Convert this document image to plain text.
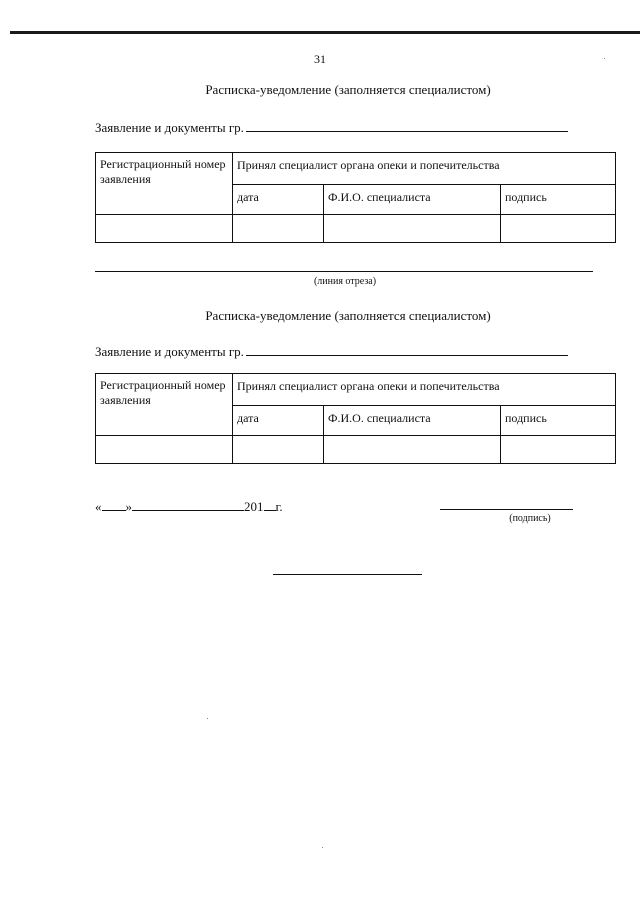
31
Расписка-уведомление (заполняется специалистом)
Заявление и документы гр.
Регистрационный номер заявления	Принял специалист органа опеки и попечительства		
	дата	Ф.И.О. специалиста	подпись

(линия отреза)
Расписка-уведомление (заполняется специалистом)
Заявление и документы гр.
Регистрационный номер заявления	Принял специалист органа опеки и попечительства		
	дата	Ф.И.О. специалиста	подпись

« »	201 г.
(подпись)
